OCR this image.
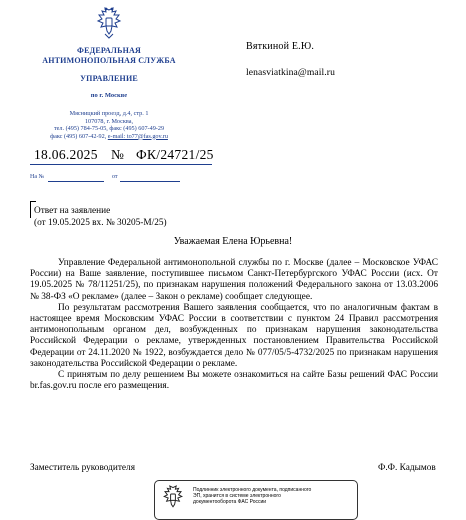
ФЕДЕРАЛЬНАЯ
АНТИМОНОПОЛЬНАЯ СЛУЖБА
УПРАВЛЕНИЕ
по г. Москве
Мясницкий проезд, д.4, стр. 1
107078, г. Москва,
тел. (495) 784-75-05, факс (495) 607-49-29
факс (495) 607-42-92, e-mail: to77@fas.gov.ru
18.06.2025 № ФК/24721/25
На №	от
Ответ на заявление
(от 19.05.2025 вх. № 30205-М/25)
Вяткиной Е.Ю.
lenasviatkina@mail.ru
Уважаемая Елена Юрьевна!

Управление Федеральной антимонопольной службы по г. Москве (далее – Московское УФАС России) на Ваше заявление, поступившее письмом Санкт-Петербургского УФАС России (исх. От 19.05.2025 № 78/11251/25), по признакам нарушения положений Федерального закона от 13.03.2006 № 38-ФЗ «О рекламе» (далее – Закон о рекламе) сообщает следующее.

По результатам рассмотрения Вашего заявления сообщается, что по аналогичным фактам в настоящее время Московским УФАС России в соответствии с пунктом 24 Правил рассмотрения антимонопольным органом дел, возбужденных по признакам нарушения законодательства Российской Федерации о рекламе, утвержденных постановлением Правительства Российской Федерации от 24.11.2020 № 1922, возбуждается дело № 077/05/5-4732/2025 по признакам нарушения законодательства Российской Федерации о рекламе.

С принятым по делу решением Вы можете ознакомиться на сайте Базы решений ФАС России br.fas.gov.ru после его размещения.

Заместитель руководителя	Ф.Ф. Кадымов
Подлинник электронного документа, подписанного
ЭП, хранится в системе электронного
документооборота ФАС России
